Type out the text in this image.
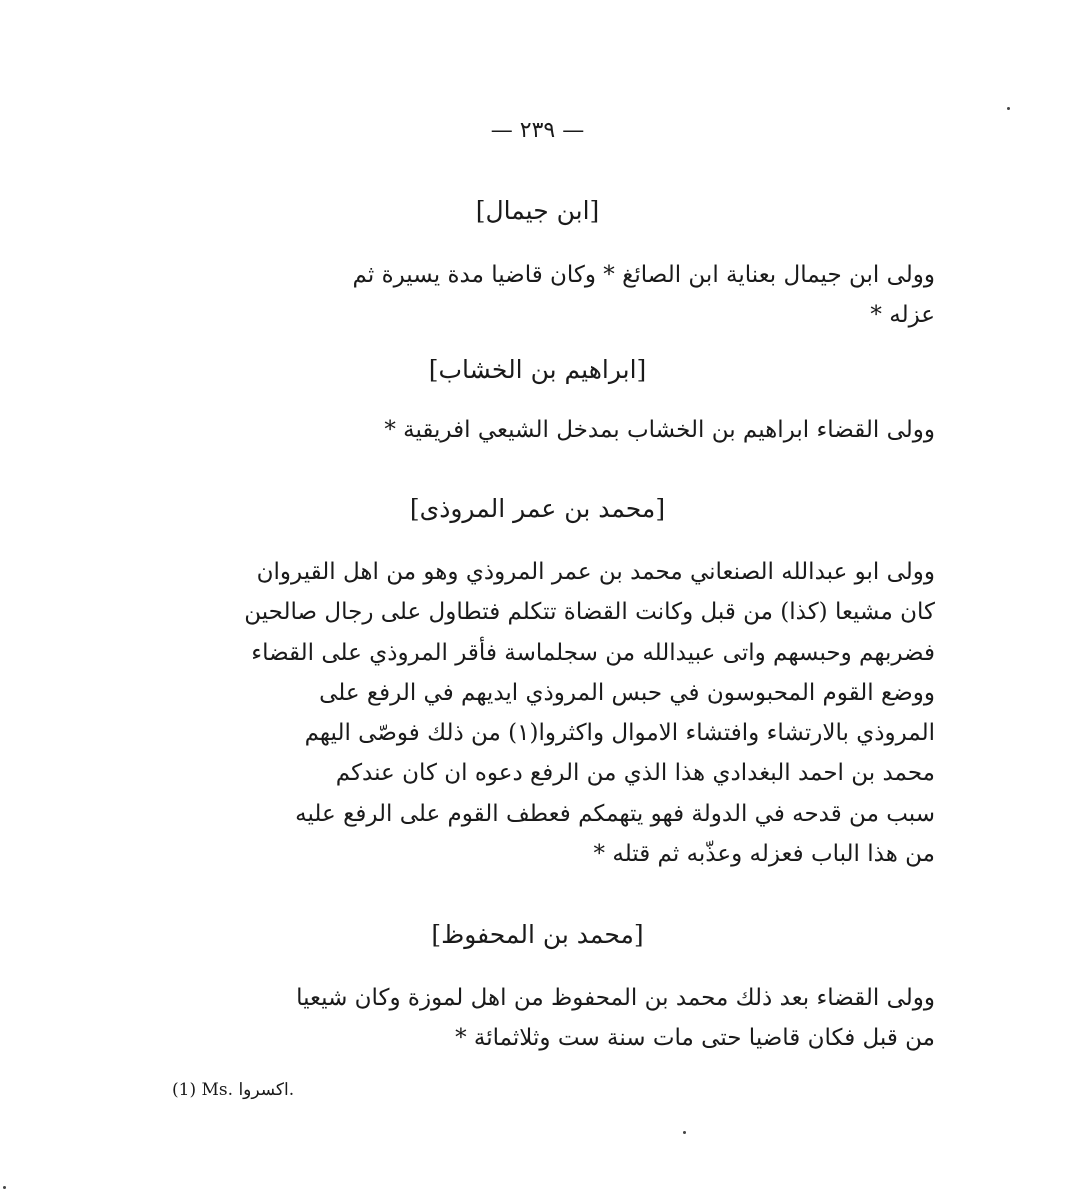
— ٢٣٩ —
[ابن جيمال]
وولى ابن جيمال بعناية ابن الصائغ * وكان قاضيا مدة يسيرة ثم
عزله *
[ابراهيم بن الخشاب]
وولى القضاء ابراهيم بن الخشاب بمدخل الشيعي افريقية *
[محمد بن عمر المروذى]
وولى ابو عبدالله الصنعاني محمد بن عمر المروذي وهو من اهل القيروان
كان مشيعا (كذا) من قبل وكانت القضاة تتكلم فتطاول على رجال صالحين
فضربهم وحبسهم واتى عبيدالله من سجلماسة فأقر المروذي على القضاء
ووضع القوم المحبوسون في حبس المروذي ايديهم في الرفع على
المروذي بالارتشاء وافتشاء الاموال واكثروا(١) من ذلك فوصّى اليهم
محمد بن احمد البغدادي هذا الذي من الرفع دعوه ان كان عندكم
سبب من قدحه في الدولة فهو يتهمكم فعطف القوم على الرفع عليه
من هذا الباب فعزله وعذّبه ثم قتله *
[محمد بن المحفوظ]
وولى القضاء بعد ذلك محمد بن المحفوظ من اهل لموزة وكان شيعيا
من قبل فكان قاضيا حتى مات سنة ست وثلاثمائة *
(1) Ms. اكسروا.
